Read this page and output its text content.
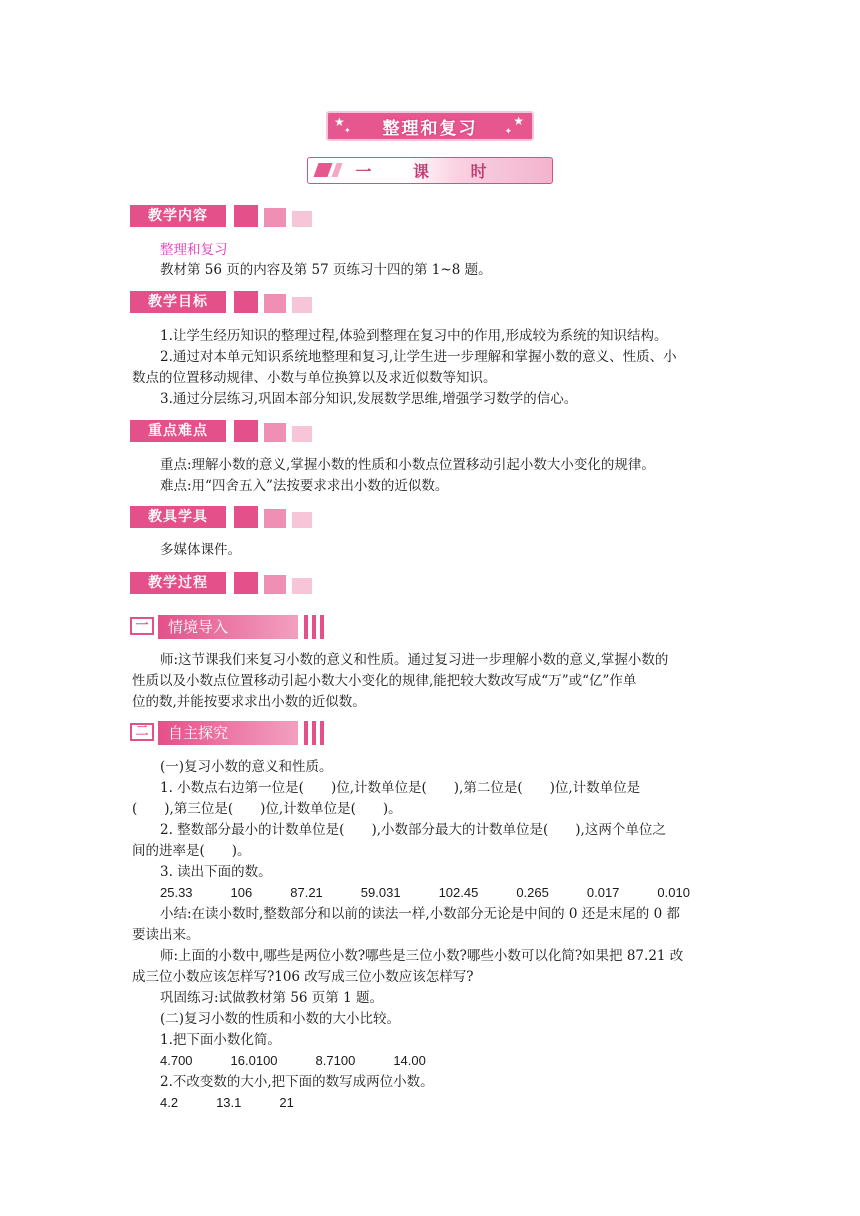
★
✦
★
✦
整理和复习
一 课 时
教学内容
整理和复习
教材第 56 页的内容及第 57 页练习十四的第 1~8 题。
教学目标
1.让学生经历知识的整理过程,体验到整理在复习中的作用,形成较为系统的知识结构。
2.通过对本单元知识系统地整理和复习,让学生进一步理解和掌握小数的意义、性质、小
数点的位置移动规律、小数与单位换算以及求近似数等知识。
3.通过分层练习,巩固本部分知识,发展数学思维,增强学习数学的信心。
重点难点
重点:理解小数的意义,掌握小数的性质和小数点位置移动引起小数大小变化的规律。
难点:用“四舍五入”法按要求求出小数的近似数。
教具学具
多媒体课件。
教学过程
一	情境导入
师:这节课我们来复习小数的意义和性质。通过复习进一步理解小数的意义,掌握小数的
性质以及小数点位置移动引起小数大小变化的规律,能把较大数改写成“万”或“亿”作单
位的数,并能按要求求出小数的近似数。
二	自主探究
(一)复习小数的意义和性质。
1. 小数点右边第一位是(　　)位,计数单位是(　　),第二位是(　　)位,计数单位是
(　　),第三位是(　　)位,计数单位是(　　)。
2. 整数部分最小的计数单位是(　　),小数部分最大的计数单位是(　　),这两个单位之
间的进率是(　　)。
3. 读出下面的数。
25.33	106	87.21	59.031	102.45	0.265	0.017	0.010
小结:在读小数时,整数部分和以前的读法一样,小数部分无论是中间的 0 还是末尾的 0 都
要读出来。
师:上面的小数中,哪些是两位小数?哪些是三位小数?哪些小数可以化简?如果把 87.21 改
成三位小数应该怎样写?106 改写成三位小数应该怎样写?
巩固练习:试做教材第 56 页第 1 题。
(二)复习小数的性质和小数的大小比较。
1.把下面小数化简。
4.700	16.0100	8.7100	14.00
2.不改变数的大小,把下面的数写成两位小数。
4.2	13.1	21
